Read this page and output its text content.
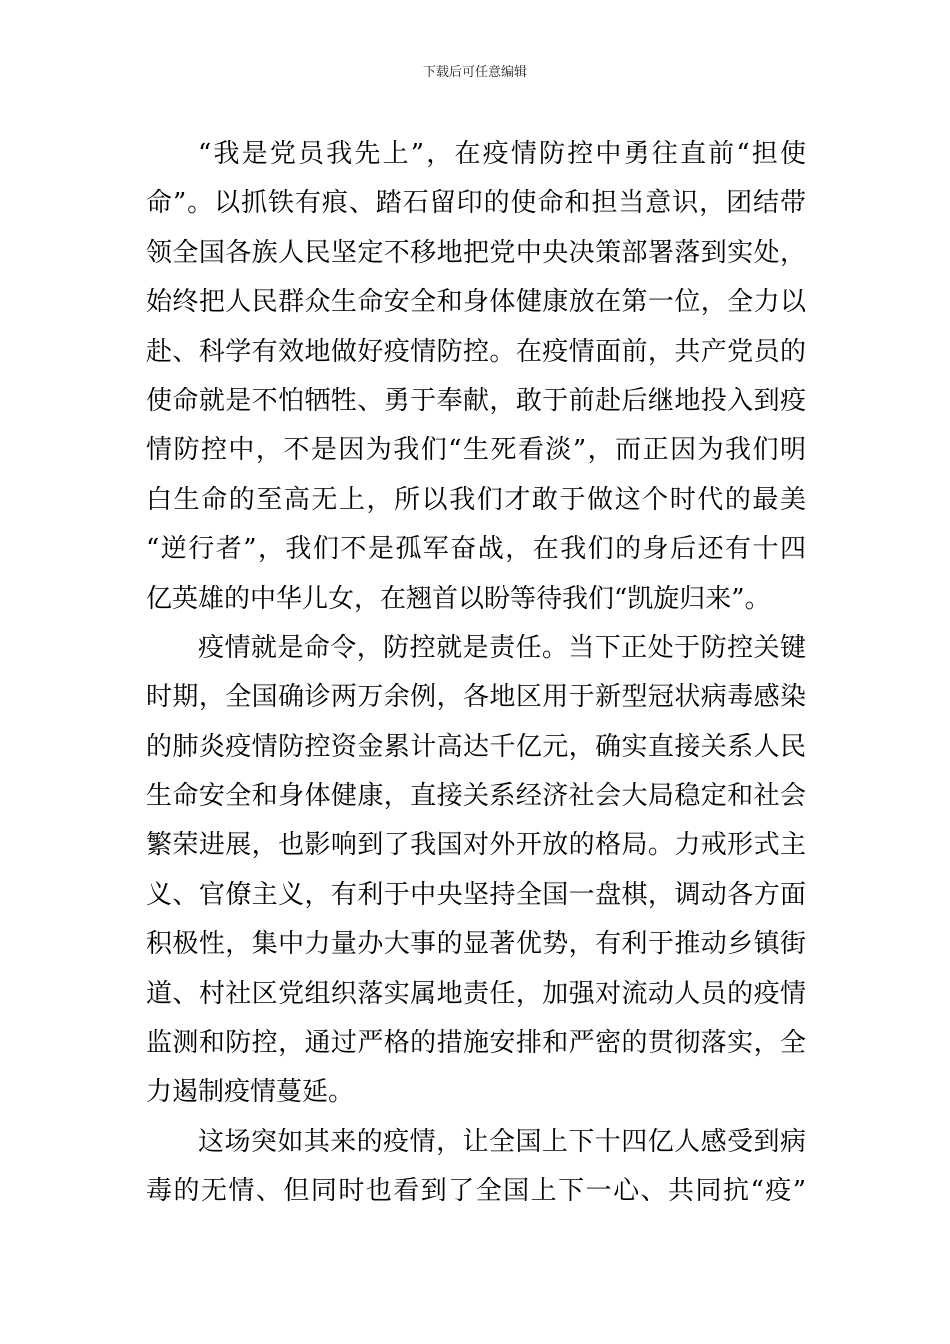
下载后可任意编辑
“我是党员我先上”，在疫情防控中勇往直前“担使
命”。以抓铁有痕、踏石留印的使命和担当意识，团结带
领全国各族人民坚定不移地把党中央决策部署落到实处，
始终把人民群众生命安全和身体健康放在第一位，全力以
赴、科学有效地做好疫情防控。在疫情面前，共产党员的
使命就是不怕牺牲、勇于奉献，敢于前赴后继地投入到疫
情防控中，不是因为我们“生死看淡”，而正因为我们明
白生命的至高无上，所以我们才敢于做这个时代的最美
“逆行者”，我们不是孤军奋战，在我们的身后还有十四
亿英雄的中华儿女，在翘首以盼等待我们“凯旋归来”。
疫情就是命令，防控就是责任。当下正处于防控关键
时期，全国确诊两万余例，各地区用于新型冠状病毒感染
的肺炎疫情防控资金累计高达千亿元，确实直接关系人民
生命安全和身体健康，直接关系经济社会大局稳定和社会
繁荣进展，也影响到了我国对外开放的格局。力戒形式主
义、官僚主义，有利于中央坚持全国一盘棋，调动各方面
积极性，集中力量办大事的显著优势，有利于推动乡镇街
道、村社区党组织落实属地责任，加强对流动人员的疫情
监测和防控，通过严格的措施安排和严密的贯彻落实，全
力遏制疫情蔓延。
这场突如其来的疫情，让全国上下十四亿人感受到病
毒的无情、但同时也看到了全国上下一心、共同抗“疫”
